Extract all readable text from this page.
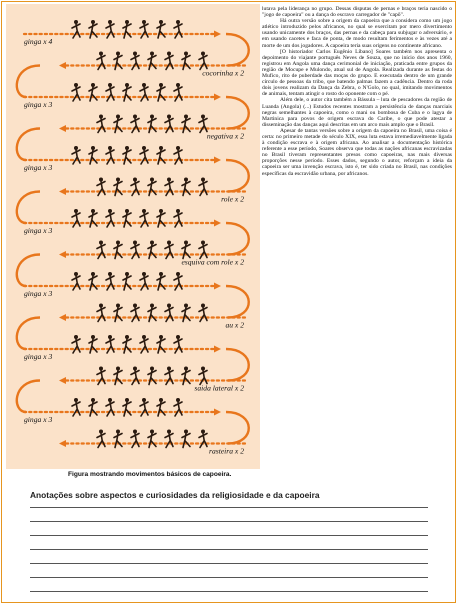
ginga x 4
cocorinha x 2
ginga x 3
negativa x 2
ginga x 3
role x 2
ginga x 3
esquiva com role x 2
ginga x 3
au x 2
ginga x 3
saida lateral x 2
ginga x 3
rasteira x 2
Figura mostrando movimentos básicos de capoeira.

lutava pela liderança no grupo. Dessas disputas de pernas e braços teria nascido o "jogo de capoeira" ou a dança do escravo carregador de "capô".

Há outra versão sobre a origem da capoeira que a considera como um jogo atlético introduzido pelos africanos, no qual se exercitam por mero divertimento usando unicamente dos braços, das pernas e da cabeça para subjugar o adversário, e em usando cacetes e faca de ponta, de modo resultam ferimentos e às vezes até a morte de um dos jogadores. A capoeira teria suas origens no continente africano.

[O historiador Carlos Eugênio Líbano] Soares também nos apresenta o depoimento do viajante português Neves de Souza, que no início dos anos 1960, registrou em Angola uma dança cerimonial de iniciação, praticada entre grupos da região de Mocupe e Mulondo, atual sul de Angola. Realizada durante as festas do Mufico, rito de puberdade das moças do grupo. E executada dentro de um grande círculo de pessoas da tribo, que batendo palmas fazem a cadência. Dentro da roda dois jovens realizam da Dança da Zebra, o N'Golo, no qual, imitando movimentos de animais, tentam atingir o rosto do oponente com o pé.

Além dele, o autor cita também a Bássula – luta de pescadores da região de Luanda (Angola) (...) Estudos recentes mostram a persistência de danças marciais negras semelhantes à capoeira, como o mani ou bombosa de Cuba e o lagya de Martinica para povos de origem escrava do Caribe, o que pode atestar a disseminação das danças aqui descritas em um arco mais amplo que o Brasil.

Apesar de tantas versões sobre a origem da capoeira no Brasil, uma coisa é certa: no primeiro metade do século XIX, essa luta estava irremediavelmente ligada à condição escrava e à origem africana. Ao analisar a documentação histórica referente a esse período, Soares observa que todas as nações africanas escravizadas no Brasil tiveram representantes presos como capoeiras, nas mais diversas proporções nesse período. Esses dados, segundo o autor, reforçam a ideia da capoeira ser uma invenção escrava, isto é, ter sido criada no Brasil, nas condições específicas da escravidão urbana, por africanos.

Anotações sobre aspectos e curiosidades da religiosidade e da capoeira
